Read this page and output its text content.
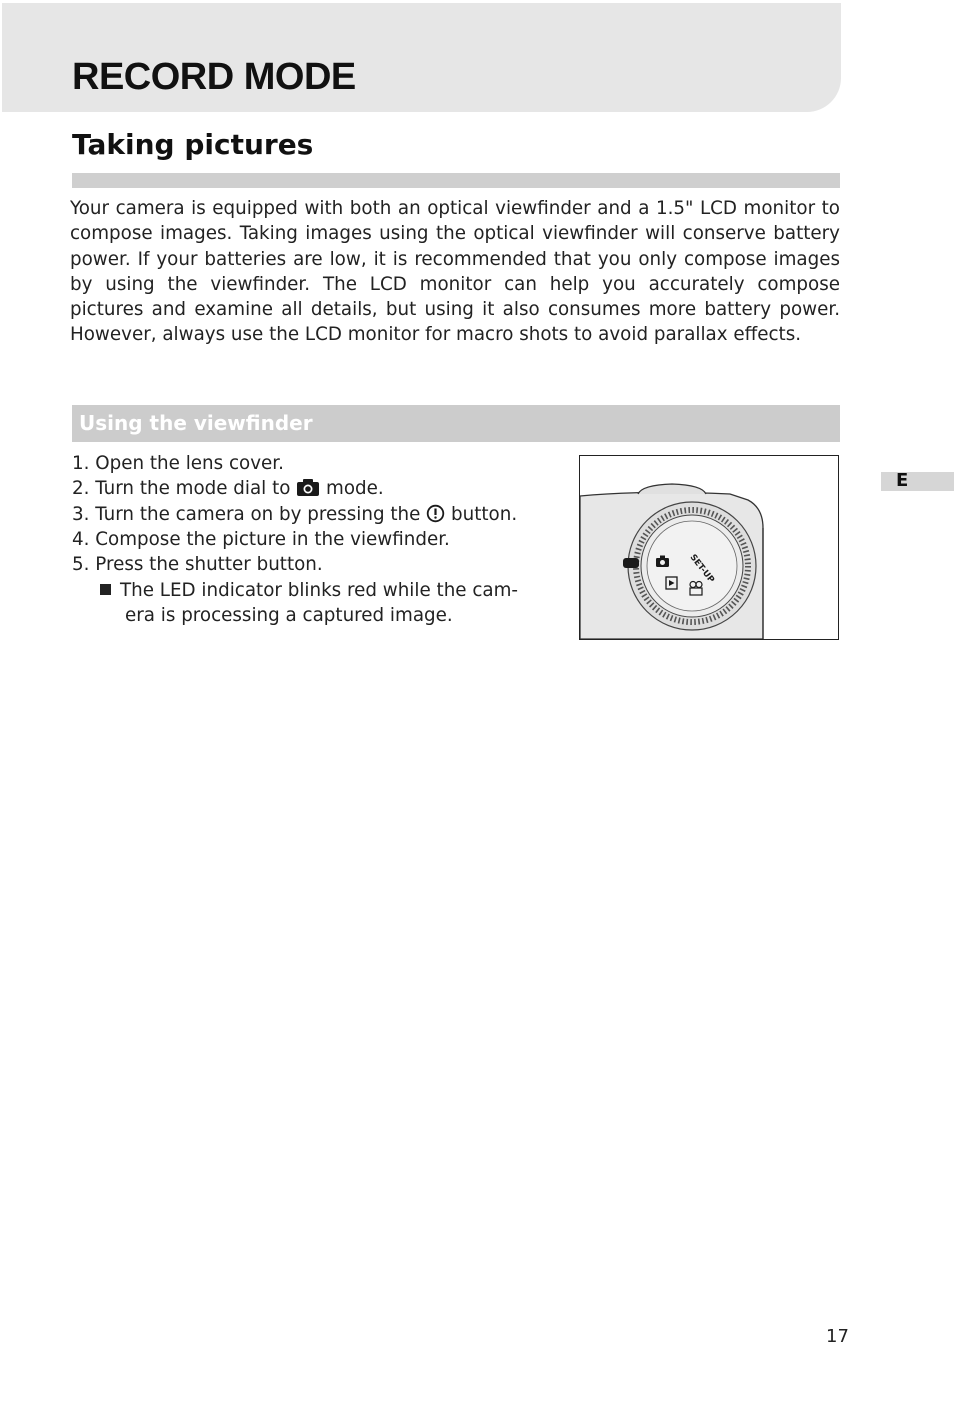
RECORD MODE
Taking pictures

Your camera is equipped with both an optical viewfinder and a 1.5" LCD monitor to compose images. Taking images using the optical viewfinder will conserve battery power. If your batteries are low, it is recommended that you only compose images by using the viewfinder. The LCD monitor can help you accurately compose pictures and examine all details, but using it also consumes more battery power. However, always use the LCD monitor for macro shots to avoid parallax effects.

Using the viewfinder
1. Open the lens cover.
2. Turn the mode dial to mode.
3. Turn the camera on by pressing the button.
4. Compose the picture in the viewfinder.
5. Press the shutter button.
The LED indicator blinks red while the cam-
era is processing a captured image.
SET-UP
E
17
